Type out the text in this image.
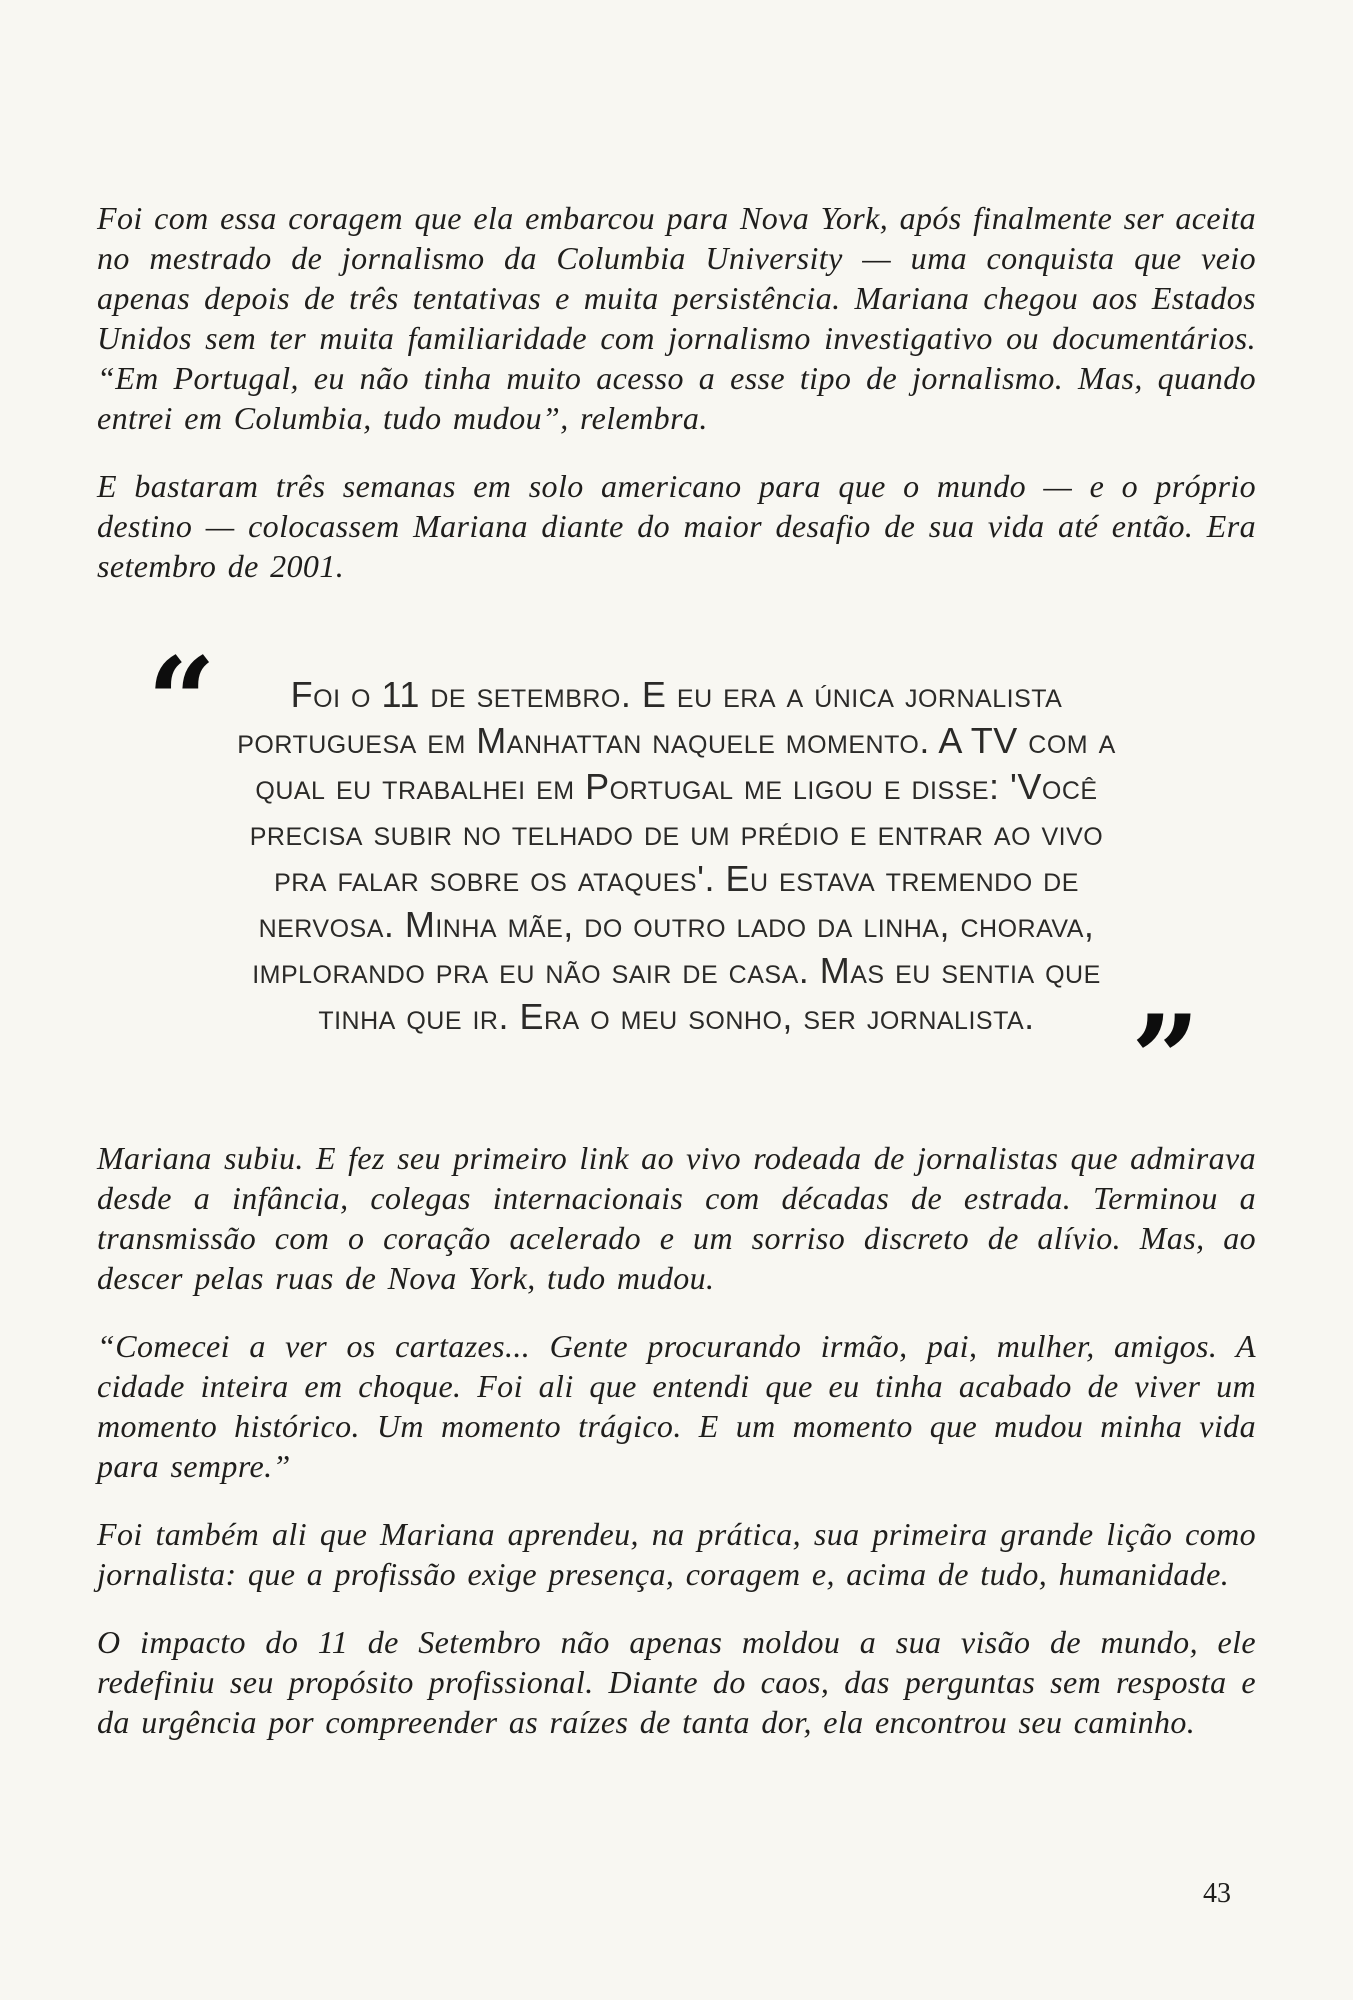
Foi com essa coragem que ela embarcou para Nova York, após finalmente ser aceita no mestrado de jornalismo da Columbia University — uma conquista que veio apenas depois de três tentativas e muita persistência. Mariana chegou aos Estados Unidos sem ter muita familiaridade com jornalismo investigativo ou documentários. “Em Portugal, eu não tinha muito acesso a esse tipo de jornalismo. Mas, quando entrei em Columbia, tudo mudou”, relembra.

E bastaram três semanas em solo americano para que o mundo — e o próprio destino — colocassem Mariana diante do maior desafio de sua vida até então. Era setembro de 2001.

“	Foi o 11 de setembro. E eu era a única jornalista portuguesa em Manhattan naquele momento. A TV com a qual eu trabalhei em Portugal me ligou e disse: 'Você precisa subir no telhado de um prédio e entrar ao vivo pra falar sobre os ataques'. Eu estava tremendo de nervosa. Minha mãe, do outro lado da linha, chorava, implorando pra eu não sair de casa. Mas eu sentia que tinha que ir. Era o meu sonho, ser jornalista. ”

Mariana subiu. E fez seu primeiro link ao vivo rodeada de jornalistas que admirava desde a infância, colegas internacionais com décadas de estrada. Terminou a transmissão com o coração acelerado e um sorriso discreto de alívio. Mas, ao descer pelas ruas de Nova York, tudo mudou.

“Comecei a ver os cartazes... Gente procurando irmão, pai, mulher, amigos. A cidade inteira em choque. Foi ali que entendi que eu tinha acabado de viver um momento histórico. Um momento trágico. E um momento que mudou minha vida para sempre.”

Foi também ali que Mariana aprendeu, na prática, sua primeira grande lição como jornalista: que a profissão exige presença, coragem e, acima de tudo, humanidade.

O impacto do 11 de Setembro não apenas moldou a sua visão de mundo, ele redefiniu seu propósito profissional. Diante do caos, das perguntas sem resposta e da urgência por compreender as raízes de tanta dor, ela encontrou seu caminho.

43
